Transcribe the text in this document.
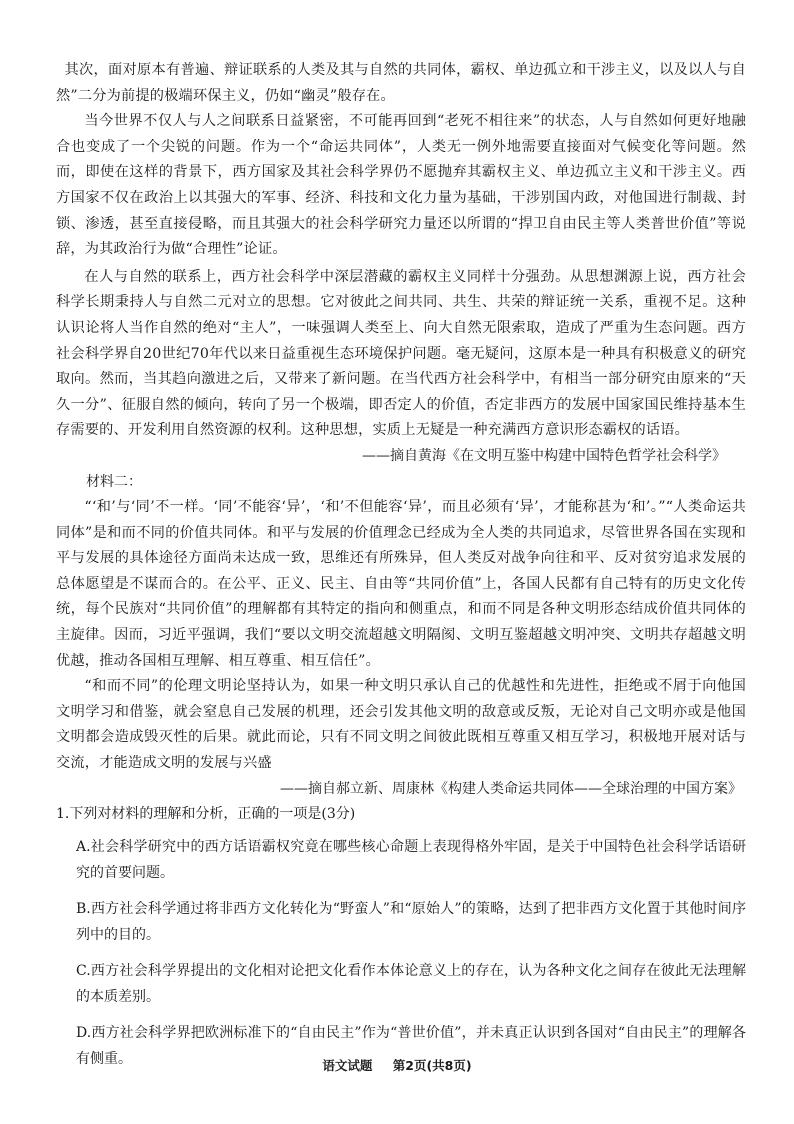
其次，面对原本有普遍、辩证联系的人类及其与自然的共同体，霸权、单边孤立和干涉主义，以及以人与自然”二分为前提的极端环保主义，仍如“幽灵”般存在。

当今世界不仅人与人之间联系日益紧密，不可能再回到“老死不相往来”的状态，人与自然如何更好地融合也变成了一个尖锐的问题。作为一个“命运共同体”，人类无一例外地需要直接面对气候变化等问题。然而，即使在这样的背景下，西方国家及其社会科学界仍不愿抛弃其霸权主义、单边孤立主义和干涉主义。西方国家不仅在政治上以其强大的军事、经济、科技和文化力量为基础，干涉别国内政，对他国进行制裁、封锁、渗透，甚至直接侵略，而且其强大的社会科学研究力量还以所谓的“捍卫自由民主等人类普世价值”等说辞，为其政治行为做“合理性”论证。

在人与自然的联系上，西方社会科学中深层潜藏的霸权主义同样十分强劲。从思想渊源上说，西方社会科学长期秉持人与自然二元对立的思想。它对彼此之间共同、共生、共荣的辩证统一关系，重视不足。这种认识论将人当作自然的绝对“主人”，一味强调人类至上、向大自然无限索取，造成了严重为生态问题。西方社会科学界自20世纪70年代以来日益重视生态环境保护问题。毫无疑问，这原本是一种具有积极意义的研究取向。然而，当其趋向激进之后，又带来了新问题。在当代西方社会科学中，有相当一部分研究由原来的“天久一分”、征服自然的倾向，转向了另一个极端，即否定人的价值，否定非西方的发展中国家国民维持基本生存需要的、开发利用自然资源的权利。这种思想，实质上无疑是一种充满西方意识形态霸权的话语。

——摘自黄海《在文明互鉴中构建中国特色哲学社会科学》

材料二：

“‘和’与‘同’不一样。‘同’不能容‘异’，‘和’不但能容‘异’，而且必须有‘异’，才能称甚为‘和’。”“人类命运共同体”是和而不同的价值共同体。和平与发展的价值理念已经成为全人类的共同追求，尽管世界各国在实现和平与发展的具体途径方面尚未达成一致，思维还有所殊异，但人类反对战争向往和平、反对贫穷追求发展的总体愿望是不谋而合的。在公平、正义、民主、自由等“共同价值”上，各国人民都有自己特有的历史文化传统，每个民族对“共同价值”的理解都有其特定的指向和侧重点，和而不同是各种文明形态结成价值共同体的主旋律。因而，习近平强调，我们“要以文明交流超越文明隔阂、文明互鉴超越文明冲突、文明共存超越文明优越，推动各国相互理解、相互尊重、相互信任”。

“和而不同”的伦理文明论坚持认为，如果一种文明只承认自己的优越性和先进性，拒绝或不屑于向他国文明学习和借鉴，就会窒息自己发展的机理，还会引发其他文明的敌意或反叛，无论对自己文明亦或是他国文明都会造成毁灭性的后果。就此而论，只有不同文明之间彼此既相互尊重又相互学习，积极地开展对话与交流，才能造成文明的发展与兴盛

——摘自郝立新、周康林《构建人类命运共同体——全球治理的中国方案》

1.下列对材料的理解和分析，正确的一项是(3分)

A.社会科学研究中的西方话语霸权究竟在哪些核心命题上表现得格外牢固，是关于中国特色社会科学话语研究的首要问题。

B.西方社会科学通过将非西方文化转化为“野蛮人”和“原始人”的策略，达到了把非西方文化置于其他时间序列中的目的。

C.西方社会科学界提出的文化相对论把文化看作本体论意义上的存在，认为各种文化之间存在彼此无法理解的本质差别。

D.西方社会科学界把欧洲标准下的“自由民主”作为“普世价值”，并未真正认识到各国对“自由民主”的理解各有侧重。	语文试题 第2页(共8页)
